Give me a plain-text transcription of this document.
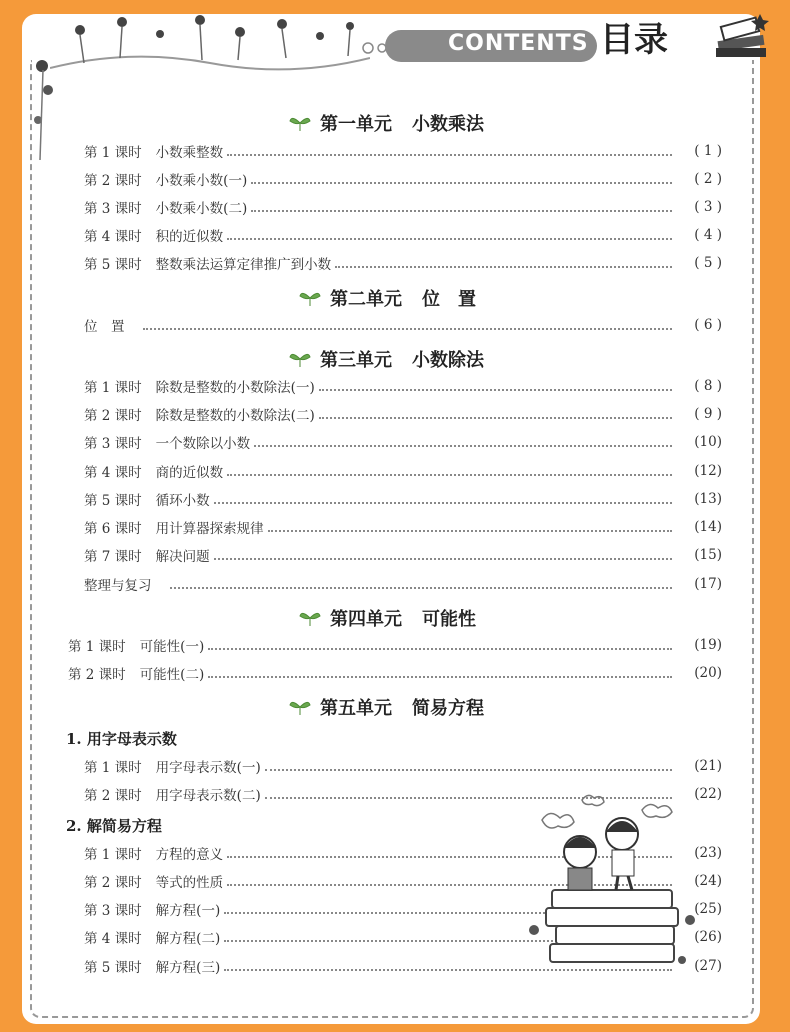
CONTENTS 目录
第一单元 小数乘法
第二单元 位　置
第三单元 小数除法
第四单元 可能性
第五单元 简易方程
1. 用字母表示数
2. 解简易方程
第 1 课时 小数乘整数	( 1 )
第 2 课时 小数乘小数(一)	( 2 )
第 3 课时 小数乘小数(二)	( 3 )
第 4 课时 积的近似数	( 4 )
第 5 课时 整数乘法运算定律推广到小数	( 5 )
位　置	( 6 )
第 1 课时 除数是整数的小数除法(一)	( 8 )
第 2 课时 除数是整数的小数除法(二)	( 9 )
第 3 课时 一个数除以小数	(10)
第 4 课时 商的近似数	(12)
第 5 课时 循环小数	(13)
第 6 课时 用计算器探索规律	(14)
第 7 课时 解决问题	(15)
整理与复习	(17)
第 1 课时 可能性(一)	(19)
第 2 课时 可能性(二)	(20)
第 1 课时 用字母表示数(一)	(21)
第 2 课时 用字母表示数(二)	(22)
第 1 课时 方程的意义	(23)
第 2 课时 等式的性质	(24)
第 3 课时 解方程(一)	(25)
第 4 课时 解方程(二)	(26)
第 5 课时 解方程(三)	(27)
